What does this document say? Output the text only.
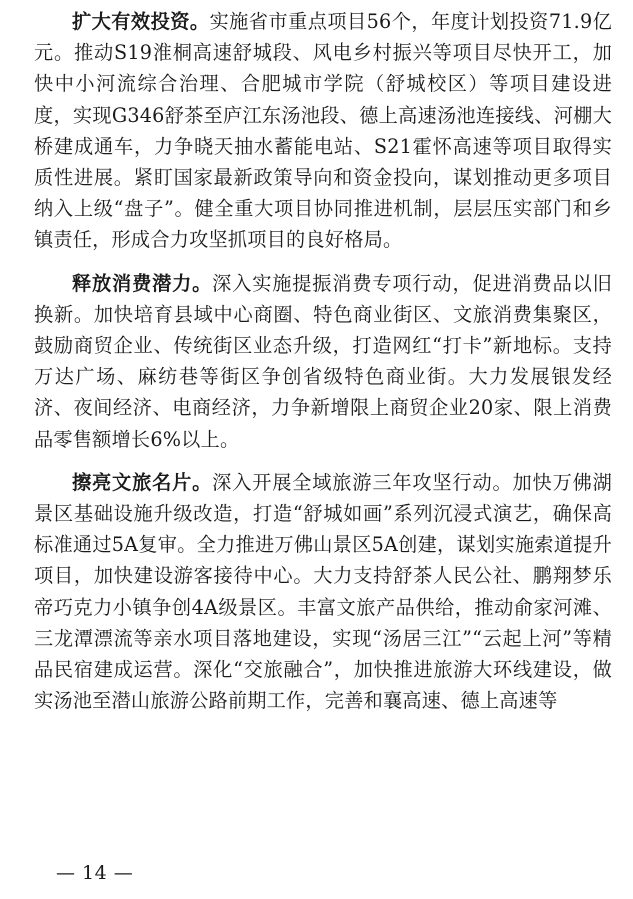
扩大有效投资。实施省市重点项目56个，年度计划投资71.9亿元。推动S19淮桐高速舒城段、风电乡村振兴等项目尽快开工，加快中小河流综合治理、合肥城市学院（舒城校区）等项目建设进度，实现G346舒茶至庐江东汤池段、德上高速汤池连接线、河棚大桥建成通车，力争晓天抽水蓄能电站、S21霍怀高速等项目取得实质性进展。紧盯国家最新政策导向和资金投向，谋划推动更多项目纳入上级“盘子”。健全重大项目协同推进机制，层层压实部门和乡镇责任，形成合力攻坚抓项目的良好格局。

释放消费潜力。深入实施提振消费专项行动，促进消费品以旧换新。加快培育县域中心商圈、特色商业街区、文旅消费集聚区，鼓励商贸企业、传统街区业态升级，打造网红“打卡”新地标。支持万达广场、麻纺巷等街区争创省级特色商业街。大力发展银发经济、夜间经济、电商经济，力争新增限上商贸企业20家、限上消费品零售额增长6%以上。

擦亮文旅名片。深入开展全域旅游三年攻坚行动。加快万佛湖景区基础设施升级改造，打造“舒城如画”系列沉浸式演艺，确保高标准通过5A复审。全力推进万佛山景区5A创建，谋划实施索道提升项目，加快建设游客接待中心。大力支持舒茶人民公社、鹏翔梦乐帝巧克力小镇争创4A级景区。丰富文旅产品供给，推动俞家河滩、三龙潭漂流等亲水项目落地建设，实现“汤居三江”“云起上河”等精品民宿建成运营。深化“交旅融合”，加快推进旅游大环线建设，做实汤池至潜山旅游公路前期工作，完善和襄高速、德上高速等

— 14 —
